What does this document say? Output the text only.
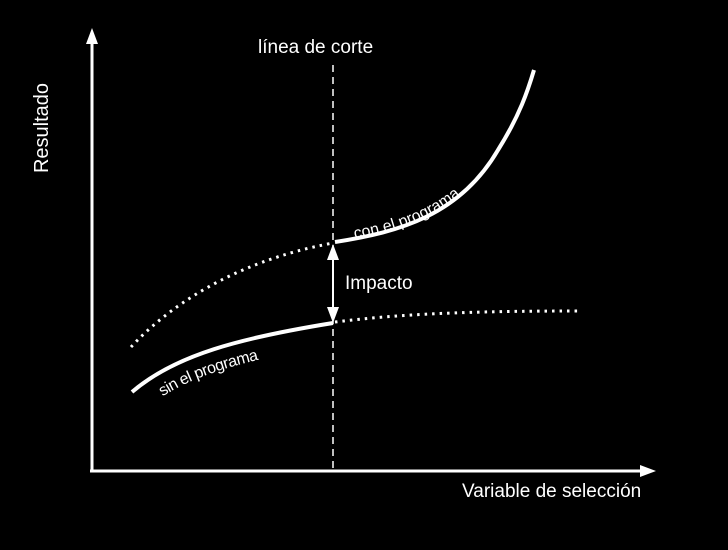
Resultado
Variable de selección
línea de corte
Impacto
con el programa
sin el programa
